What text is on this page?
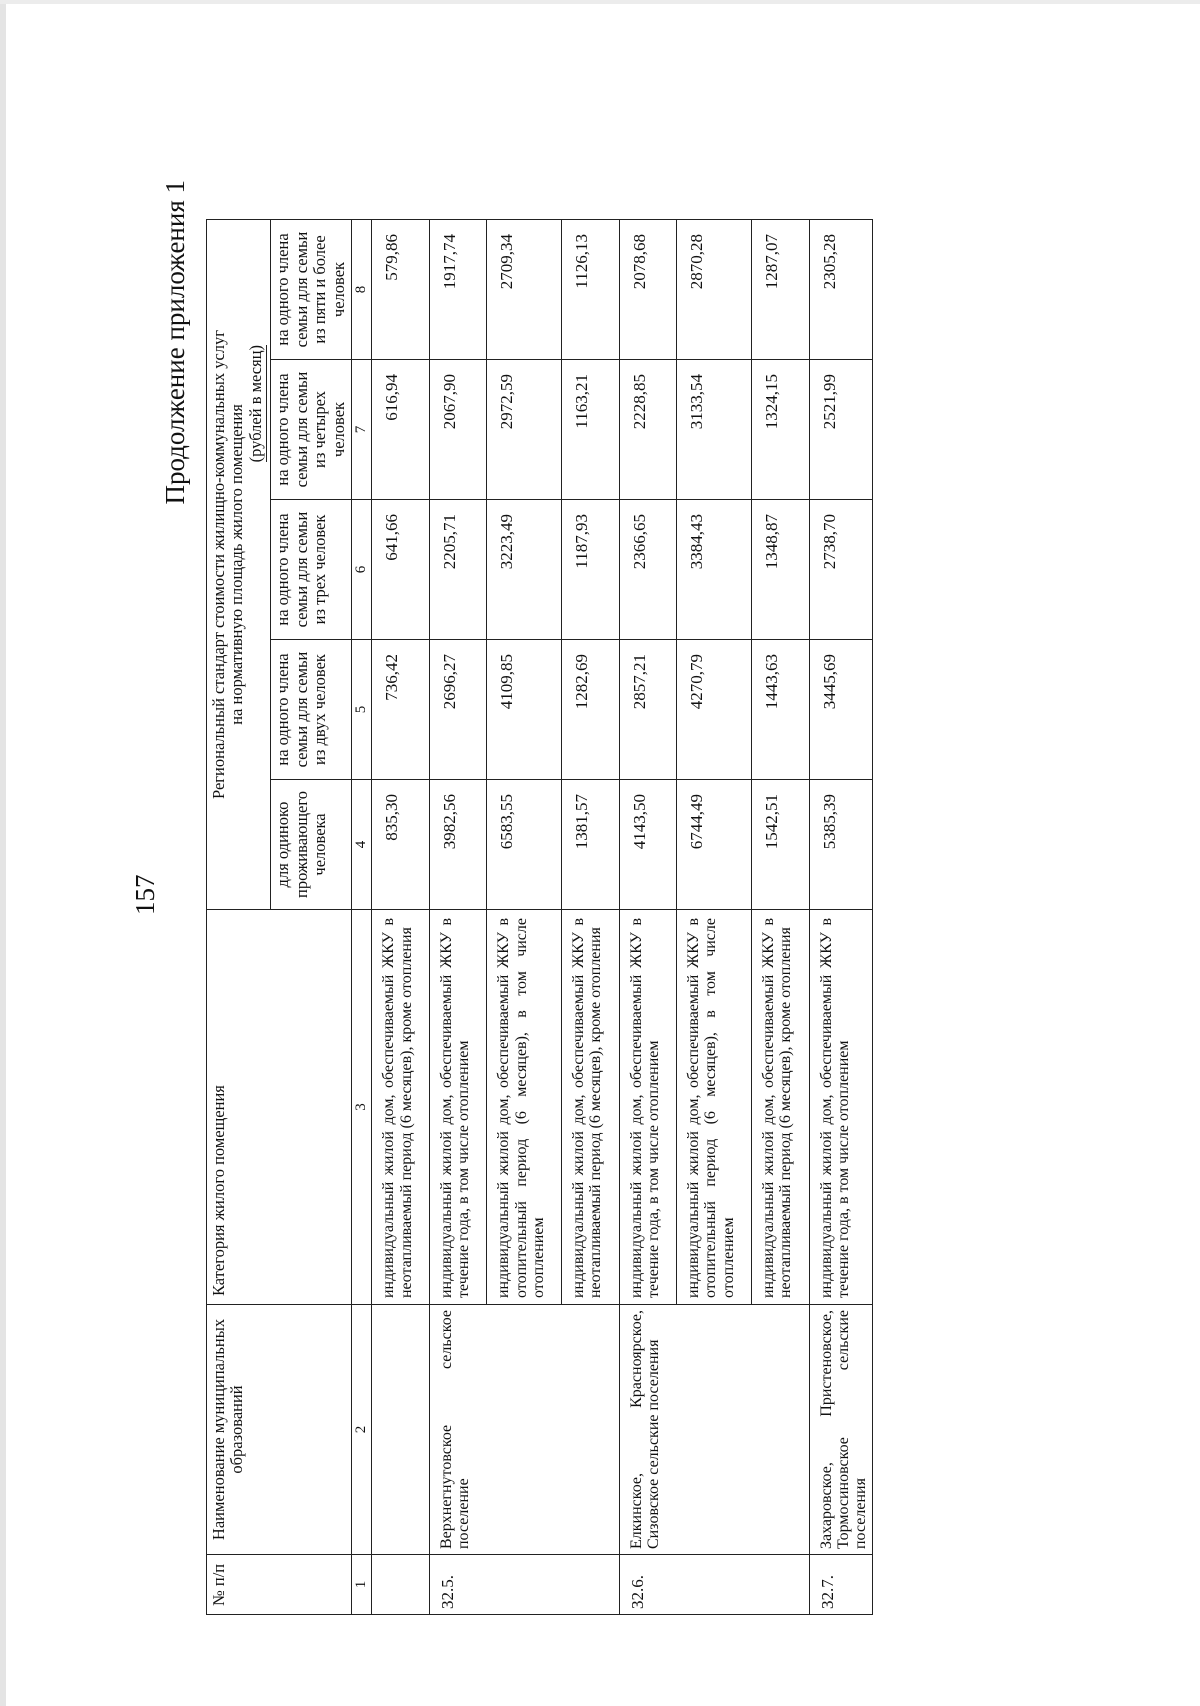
157
Продолжение приложения 1
№ п/п	Наименование муниципальных образований	Категория жилого помещения	Региональный стандарт стоимости жилищно-коммунальных услуг на нормативную площадь жилого помещения
(рублей в месяц)				

			для одиноко проживающего человека	на одного члена семьи для семьи из двух человек	на одного члена семьи для семьи из трех человек	на одного члена семьи для семьи из четырех человек	на одного члена семьи для семьи из пяти и более человек
1	2	3	4	5	6	7	8
		индивидуальный жилой дом, обеспечиваемый ЖКУ в неотапливаемый период (6 месяцев), кроме отопления	835,30	736,42	641,66	616,94	579,86
32.5.	Верхнегнутовское сельское поселение	индивидуальный жилой дом, обеспечиваемый ЖКУ в течение года, в том числе отоплением	3982,56	2696,27	2205,71	2067,90	1917,74
		индивидуальный жилой дом, обеспечиваемый ЖКУ в отопительный период (6 месяцев), в том числе отоплением	6583,55	4109,85	3223,49	2972,59	2709,34
		индивидуальный жилой дом, обеспечиваемый ЖКУ в неотапливаемый период (6 месяцев), кроме отопления	1381,57	1282,69	1187,93	1163,21	1126,13
32.6.	Елкинское, Красноярское, Сизовское сельские поселения	индивидуальный жилой дом, обеспечиваемый ЖКУ в течение года, в том числе отоплением	4143,50	2857,21	2366,65	2228,85	2078,68
		индивидуальный жилой дом, обеспечиваемый ЖКУ в отопительный период (6 месяцев), в том числе отоплением	6744,49	4270,79	3384,43	3133,54	2870,28
		индивидуальный жилой дом, обеспечиваемый ЖКУ в неотапливаемый период (6 месяцев), кроме отопления	1542,51	1443,63	1348,87	1324,15	1287,07
32.7.	Захаровское, Пристеновское, Тормосиновское сельские поселения	индивидуальный жилой дом, обеспечиваемый ЖКУ в течение года, в том числе отоплением	5385,39	3445,69	2738,70	2521,99	2305,28
